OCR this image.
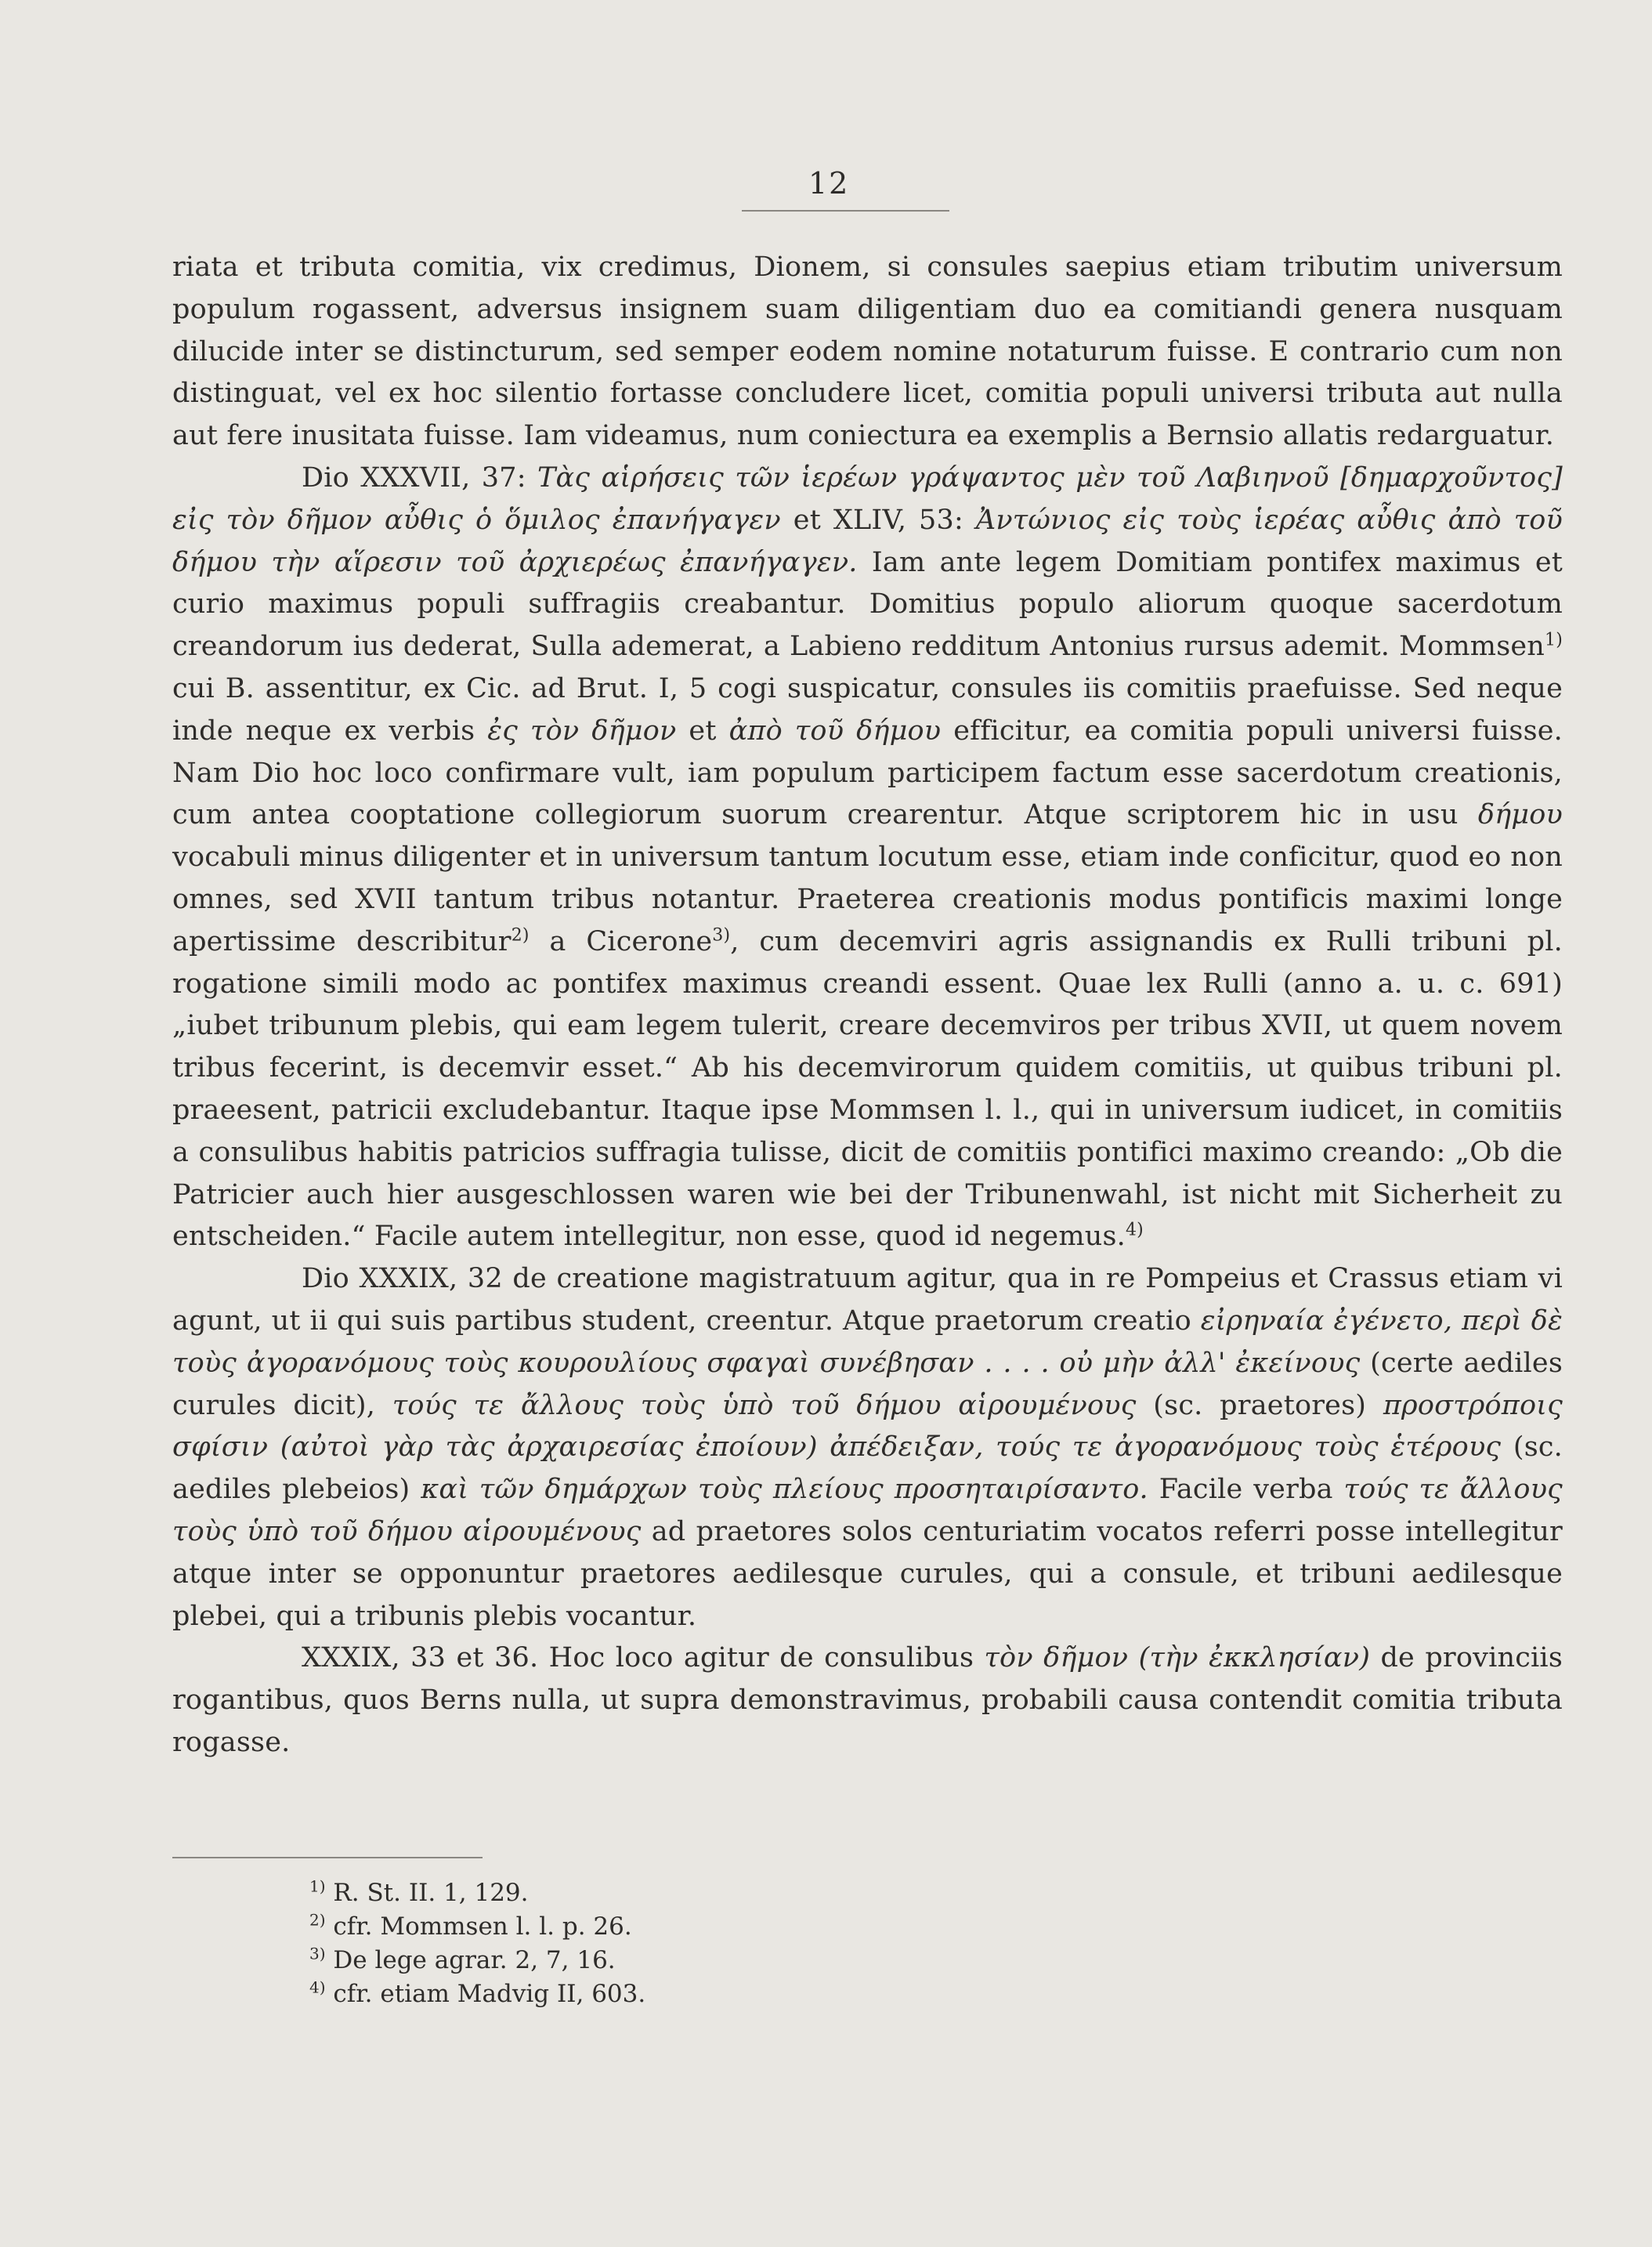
12

riata et tributa comitia, vix credimus, Dionem, si consules saepius etiam tributim universum populum rogassent, adversus insignem suam diligentiam duo ea comitiandi genera nusquam dilucide inter se distincturum, sed semper eodem nomine notaturum fuisse. E contrario cum non distinguat, vel ex hoc silentio fortasse concludere licet, comitia populi universi tributa aut nulla aut fere inusitata fuisse. Iam videamus, num coniectura ea exemplis a Bernsio allatis redarguatur.

Dio XXXVII, 37: Τὰς αἱρήσεις τῶν ἱερέων γράψαντος μὲν τοῦ Λαβιηνοῦ [δημαρχοῦντος] εἰς τὸν δῆμον αὖθις ὁ ὅμιλος ἐπανήγαγεν et XLIV, 53: Ἀντώνιος εἰς τοὺς ἱερέας αὖθις ἀπὸ τοῦ δήμου τὴν αἵρεσιν τοῦ ἀρχιερέως ἐπανήγαγεν. Iam ante legem Domitiam pontifex maximus et curio maximus populi suffragiis creabantur. Domitius populo aliorum quoque sacerdotum creandorum ius dederat, Sulla ademerat, a Labieno redditum Antonius rursus ademit. Mommsen$^{1)}$ cui B. assentitur, ex Cic. ad Brut. I, 5 cogi suspicatur, consules iis comitiis praefuisse. Sed neque inde neque ex verbis ἐς τὸν δῆμον et ἀπὸ τοῦ δήμου efficitur, ea comitia populi universi fuisse. Nam Dio hoc loco confirmare vult, iam populum participem factum esse sacerdotum creationis, cum antea cooptatione collegiorum suorum crearentur. Atque scriptorem hic in usu δήμου vocabuli minus diligenter et in universum tantum locutum esse, etiam inde conficitur, quod eo non omnes, sed XVII tantum tribus notantur. Praeterea creationis modus pontificis maximi longe apertissime describitur$^{2)}$ a Cicerone$^{3)}$, cum decemviri agris assignandis ex Rulli tribuni pl. rogatione simili modo ac pontifex maximus creandi essent. Quae lex Rulli (anno a. u. c. 691) „iubet tribunum plebis, qui eam legem tulerit, creare decemviros per tribus XVII, ut quem novem tribus fecerint, is decemvir esset.“ Ab his decemvirorum quidem comitiis, ut quibus tribuni pl. praeesent, patricii excludebantur. Itaque ipse Mommsen l. l., qui in universum iudicet, in comitiis a consulibus habitis patricios suffragia tulisse, dicit de comitiis pontifici maximo creando: „Ob die Patricier auch hier ausgeschlossen waren wie bei der Tribunenwahl, ist nicht mit Sicherheit zu entscheiden.“ Facile autem intellegitur, non esse, quod id negemus.$^{4)}$

Dio XXXIX, 32 de creatione magistratuum agitur, qua in re Pompeius et Crassus etiam vi agunt, ut ii qui suis partibus student, creentur. Atque praetorum creatio εἰρηναία ἐγένετο, περὶ δὲ τοὺς ἀγορανόμους τοὺς κουρουλίους σφαγαὶ συνέβησαν . . . . οὐ μὴν ἀλλ' ἐκείνους (certe aediles curules dicit), τούς τε ἄλλους τοὺς ὑπὸ τοῦ δήμου αἱρουμένους (sc. praetores) προστρόποις σφίσιν (αὐτοὶ γὰρ τὰς ἀρχαιρεσίας ἐποίουν) ἀπέδειξαν, τούς τε ἀγορανόμους τοὺς ἑτέρους (sc. aediles plebeios) καὶ τῶν δημάρχων τοὺς πλείους προσηταιρίσαντο. Facile verba τούς τε ἄλλους τοὺς ὑπὸ τοῦ δήμου αἱρουμένους ad praetores solos centuriatim vocatos referri posse intellegitur atque inter se opponuntur praetores aedilesque curules, qui a consule, et tribuni aedilesque plebei, qui a tribunis plebis vocantur.

XXXIX, 33 et 36. Hoc loco agitur de consulibus τὸν δῆμον (τὴν ἐκκλησίαν) de provinciis rogantibus, quos Berns nulla, ut supra demonstravimus, probabili causa contendit comitia tributa rogasse.

$^{1)}$ R. St. II. 1, 129.
$^{2)}$ cfr. Mommsen l. l. p. 26.
$^{3)}$ De lege agrar. 2, 7, 16.
$^{4)}$ cfr. etiam Madvig II, 603.
